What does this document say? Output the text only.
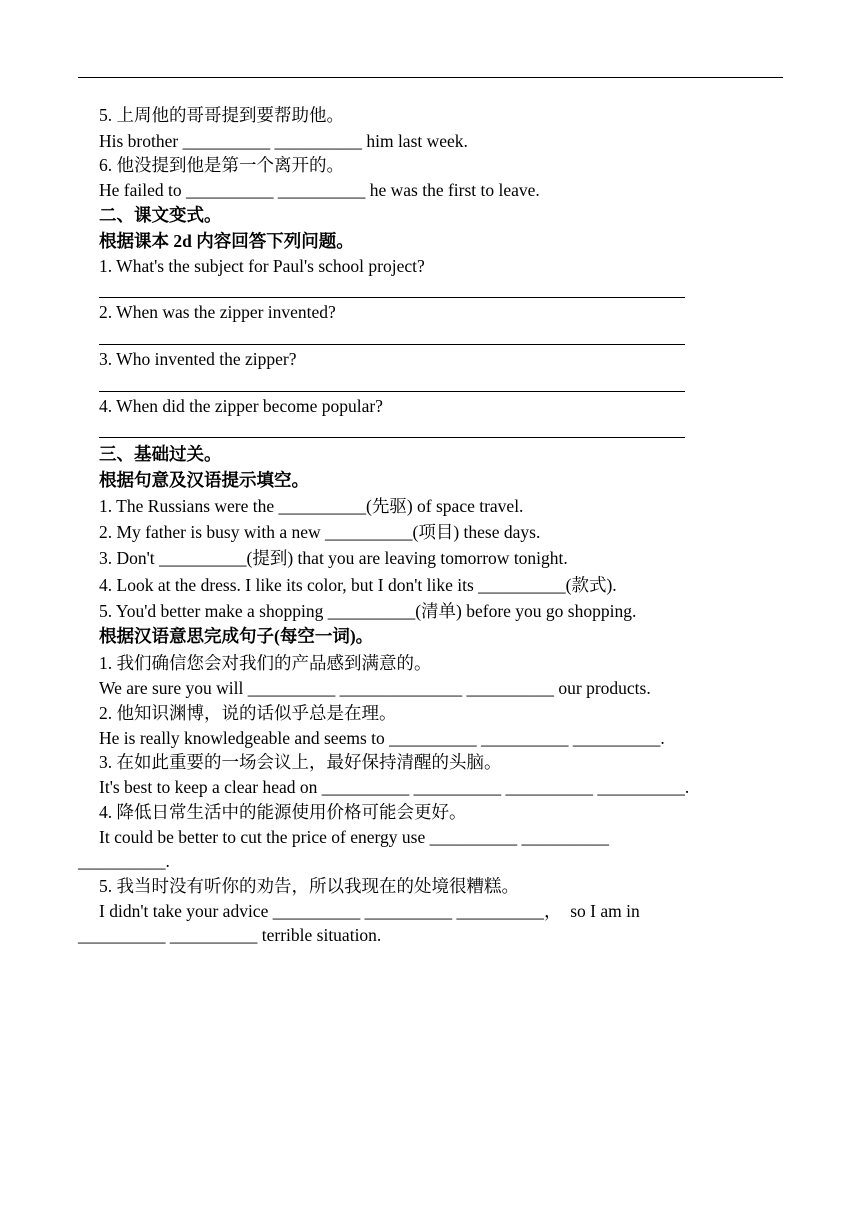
5. 上周他的哥哥提到要帮助他。
His brother __________ __________ him last week.
6. 他没提到他是第一个离开的。
He failed to __________ __________ he was the first to leave.
二、课文变式。
根据课本 2d 内容回答下列问题。
1. What's the subject for Paul's school project?
2. When was the zipper invented?
3. Who invented the zipper?
4. When did the zipper become popular?
三、基础过关。
根据句意及汉语提示填空。
1. The Russians were the __________(先驱) of space travel.
2. My father is busy with a new __________(项目) these days.
3. Don't __________(提到) that you are leaving tomorrow tonight.
4. Look at the dress. I like its color, but I don't like its __________(款式).
5. You'd better make a shopping __________(清单) before you go shopping.
根据汉语意思完成句子(每空一词)。
1. 我们确信您会对我们的产品感到满意的。
We are sure you will __________ ______________ __________ our products.
2. 他知识渊博，说的话似乎总是在理。
He is really knowledgeable and seems to __________ __________ __________.
3. 在如此重要的一场会议上，最好保持清醒的头脑。
It's best to keep a clear head on __________ __________ __________ __________.
4. 降低日常生活中的能源使用价格可能会更好。
It could be better to cut the price of energy use __________ __________
__________.
5. 我当时没有听你的劝告，所以我现在的处境很糟糕。
I didn't take your advice __________ __________ __________，  so I am in
__________ __________ terrible situation.
